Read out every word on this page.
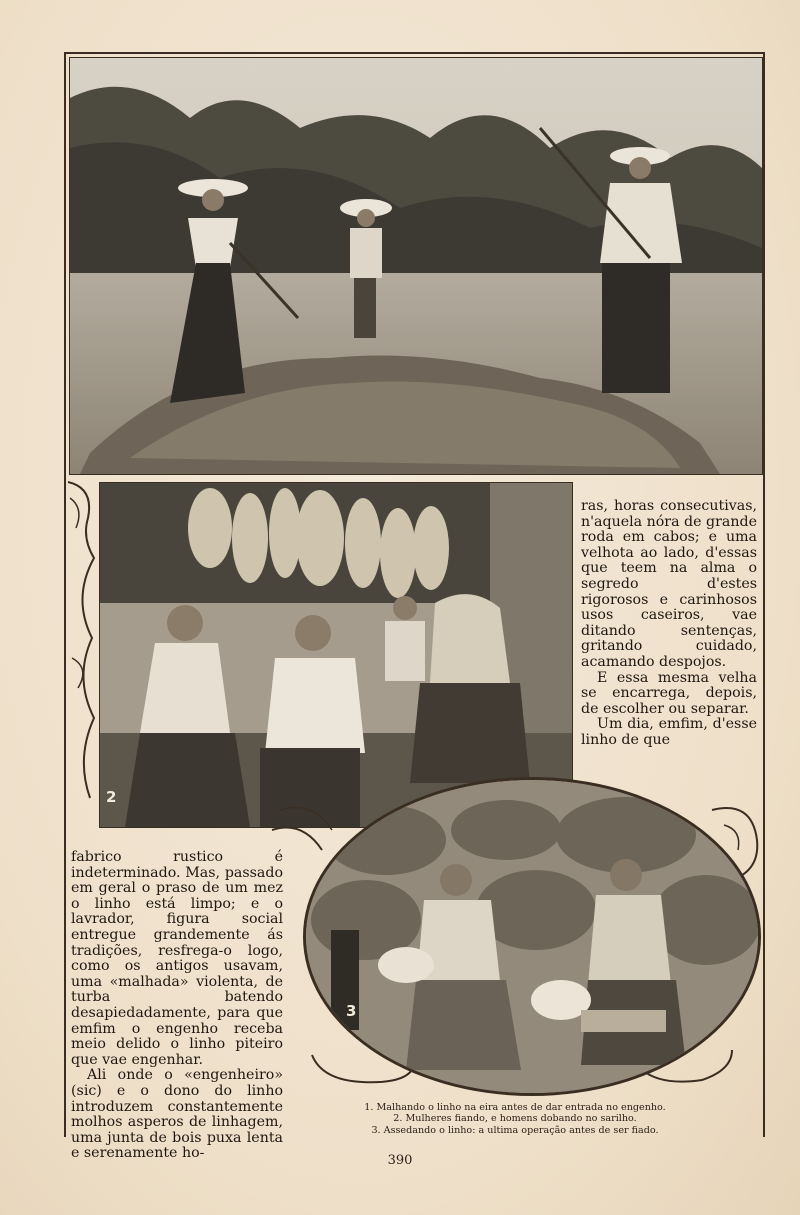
2
3

ras, horas consecutivas, n'aquela nóra de grande roda em cabos; e uma velhota ao lado, d'essas que teem na alma o segredo d'estes rigorosos e carinhosos usos caseiros, vae ditando sentenças, gritando cuidado, acamando despojos.

E essa mesma velha se encarrega, depois, de escolher ou separar.

Um dia, emfim, d'esse linho de que

fabrico rustico é indeterminado. Mas, passado em geral o praso de um mez o linho está limpo; e o lavrador, figura social entregue grandemente ás tradições, resfrega-o logo, como os antigos usavam, uma «malhada» violenta, de turba batendo desapiedadamente, para que emfim o engenho receba meio delido o linho piteiro que vae engenhar.

Ali onde o «engenheiro» (sic) e o dono do linho introduzem constantemente molhos asperos de linhagem, uma junta de bois puxa lenta e serenamente ho-

1. Malhando o linho na eira antes de dar entrada no engenho.
2. Mulheres fiando, e homens dobando no sarilho.
3. Assedando o linho: a ultima operação antes de ser fiado.
390
